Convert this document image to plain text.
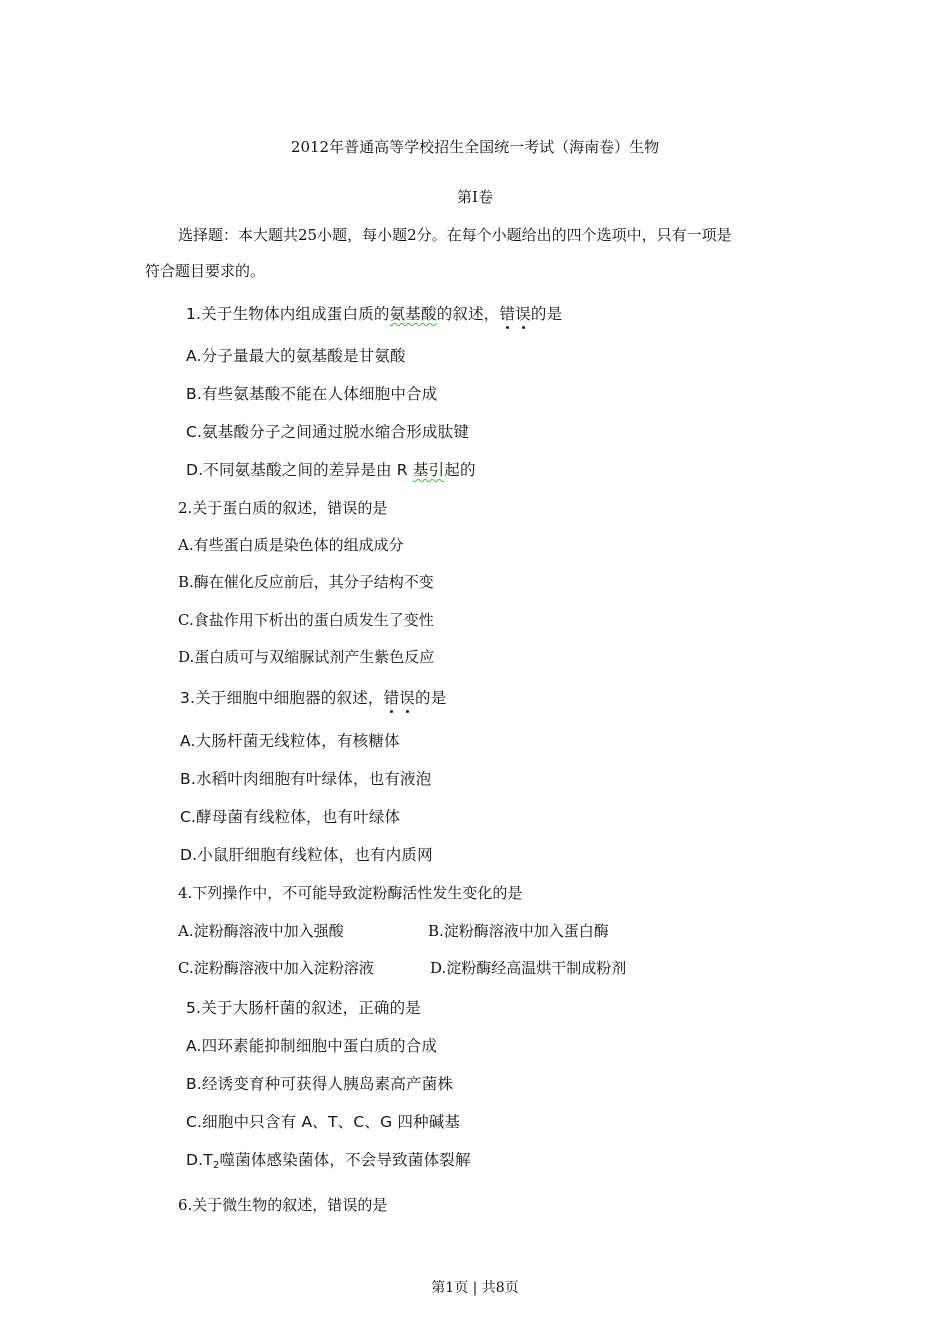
2012年普通高等学校招生全国统一考试（海南卷）生物
第I卷
选择题：本大题共25小题，每小题2分。在每个小题给出的四个选项中，只有一项是
符合题目要求的。
1.关于生物体内组成蛋白质的氨基酸的叙述，错误的是
A.分子量最大的氨基酸是甘氨酸
B.有些氨基酸不能在人体细胞中合成
C.氨基酸分子之间通过脱水缩合形成肽键
D.不同氨基酸之间的差异是由 R 基引起的
2.关于蛋白质的叙述，错误的是
A.有些蛋白质是染色体的组成成分
B.酶在催化反应前后，其分子结构不变
C.食盐作用下析出的蛋白质发生了变性
D.蛋白质可与双缩脲试剂产生紫色反应
3.关于细胞中细胞器的叙述，错误的是
A.大肠杆菌无线粒体，有核糖体
B.水稻叶肉细胞有叶绿体，也有液泡
C.酵母菌有线粒体，也有叶绿体
D.小鼠肝细胞有线粒体，也有内质网
4.下列操作中，不可能导致淀粉酶活性发生变化的是
A.淀粉酶溶液中加入强酸	B.淀粉酶溶液中加入蛋白酶
C.淀粉酶溶液中加入淀粉溶液	D.淀粉酶经高温烘干制成粉剂
5.关于大肠杆菌的叙述，正确的是
A.四环素能抑制细胞中蛋白质的合成
B.经诱变育种可获得人胰岛素高产菌株
C.细胞中只含有 A、T、C、G 四种碱基
$D.T_2$噬菌体感染菌体，不会导致菌体裂解
6.关于微生物的叙述，错误的是
第1页 | 共8页
